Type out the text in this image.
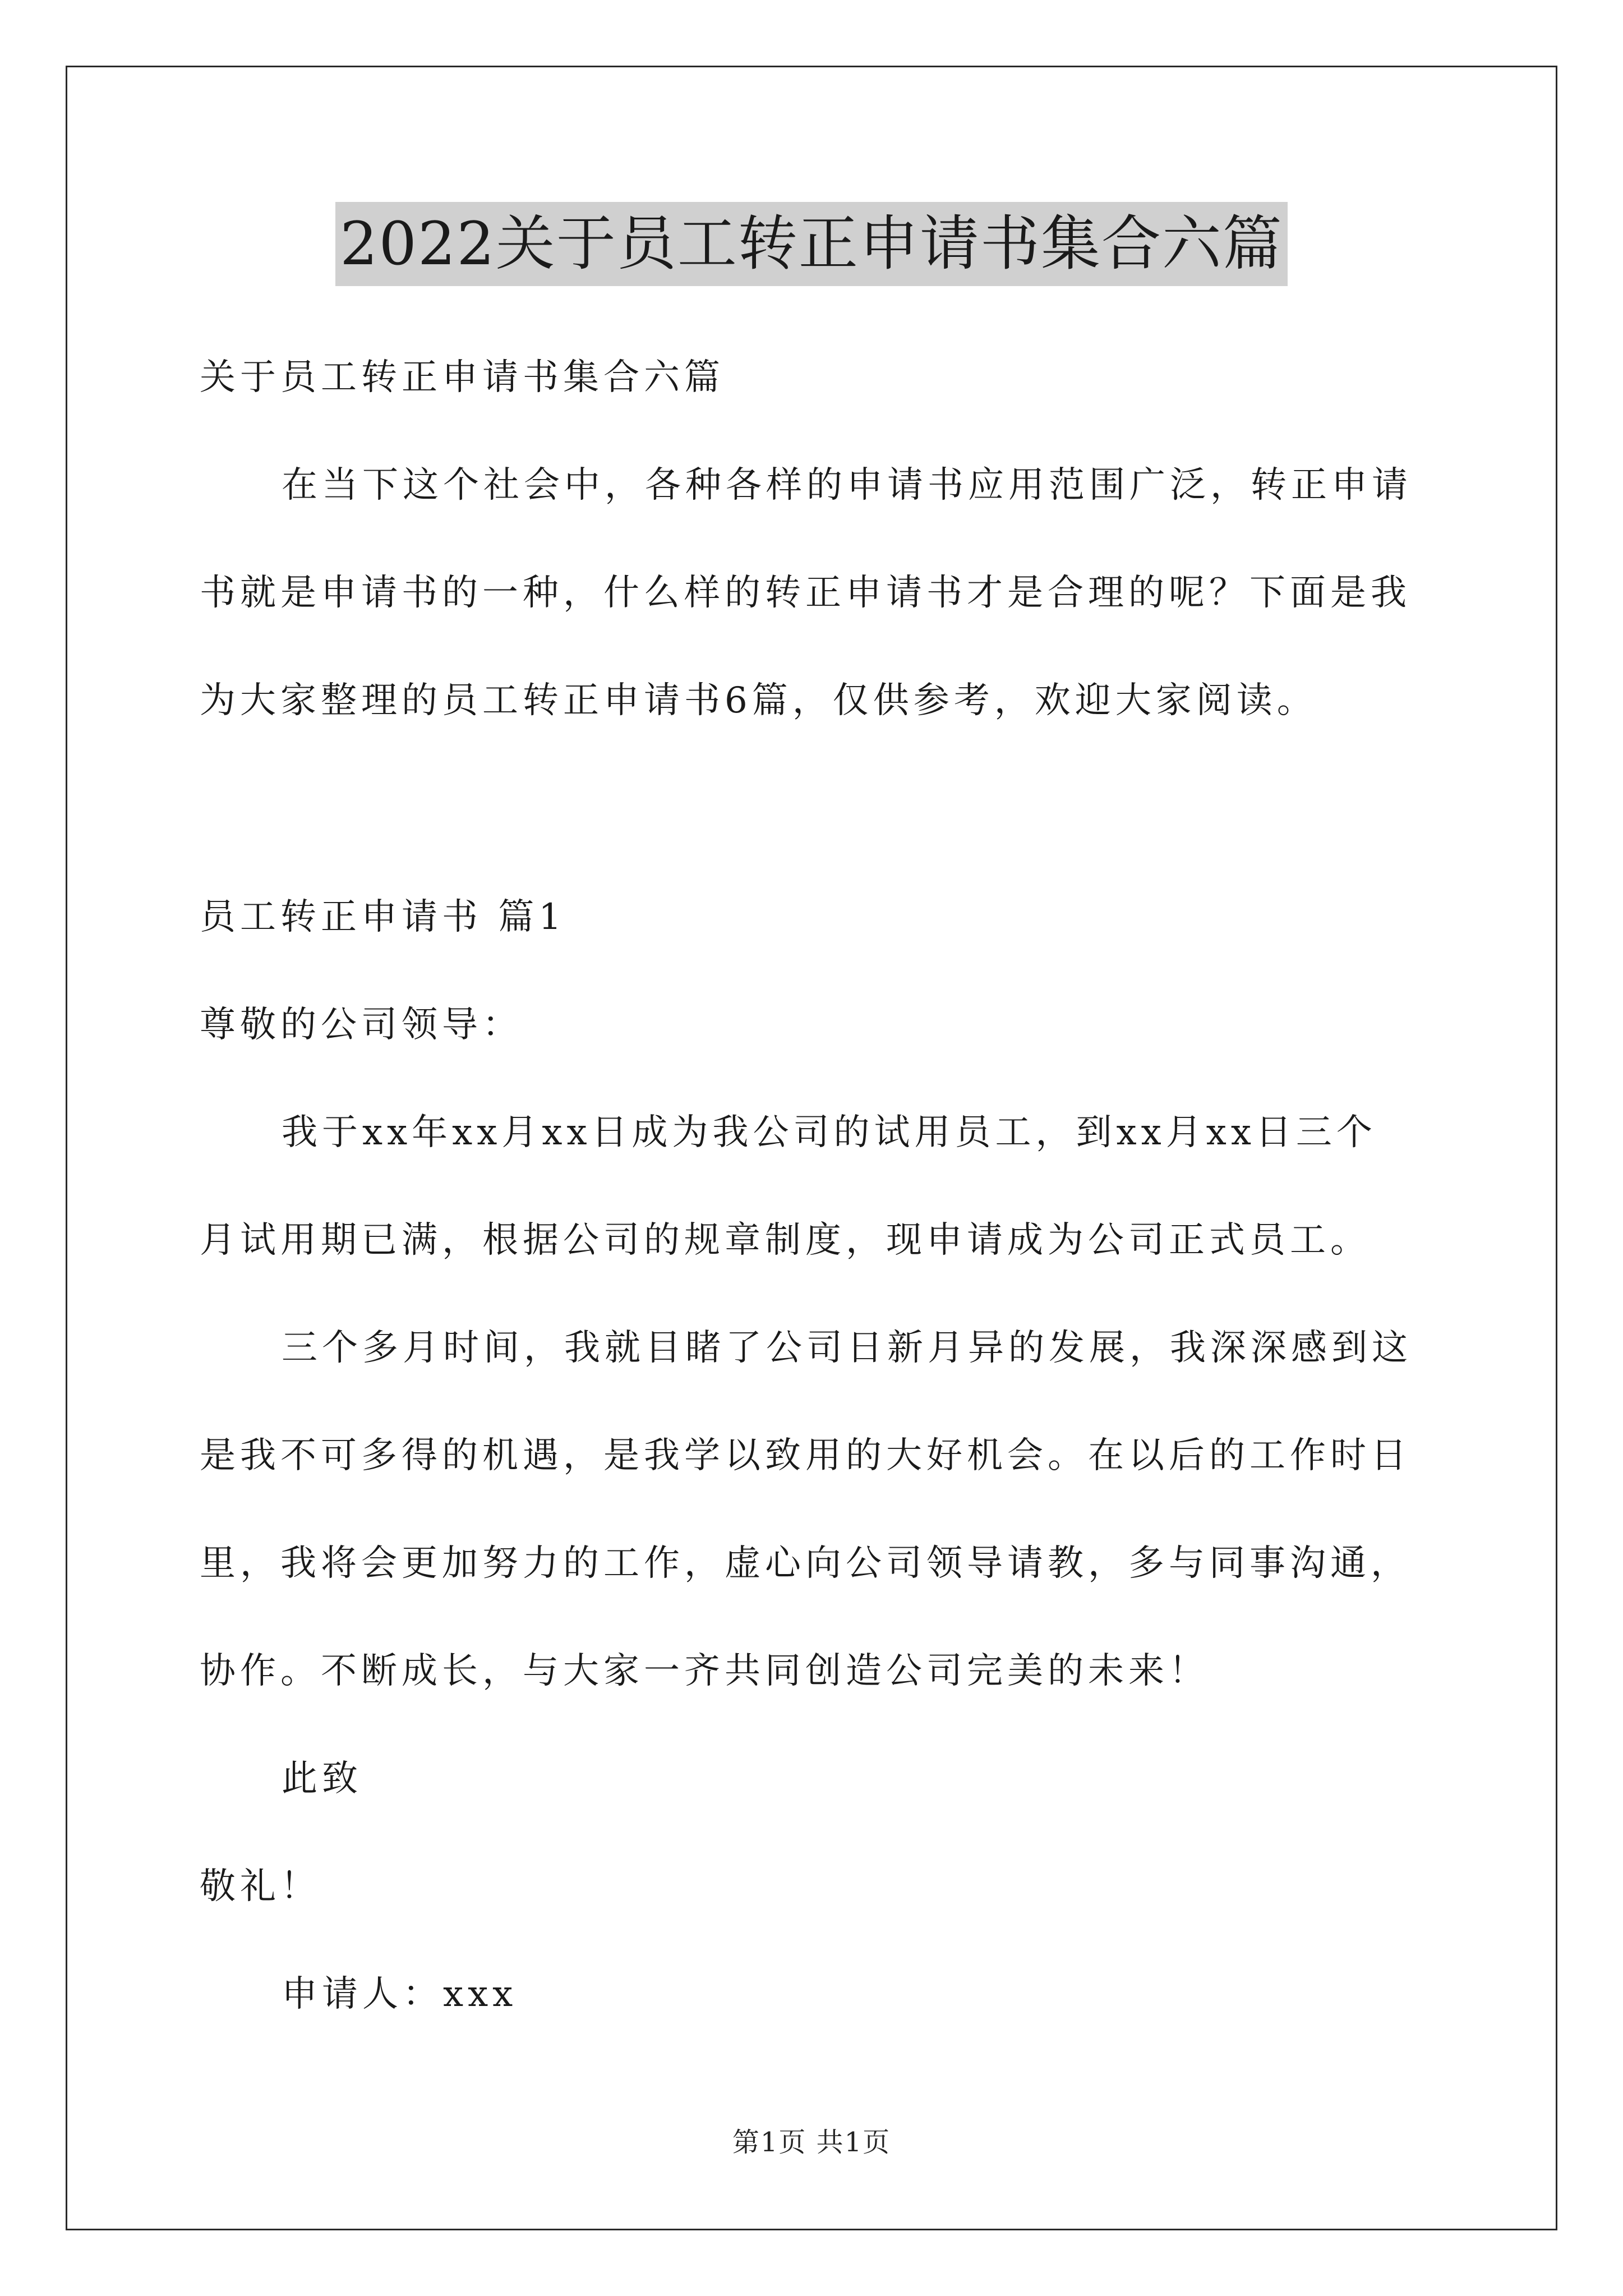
2022关于员工转正申请书集合六篇

关于员工转正申请书集合六篇

在当下这个社会中，各种各样的申请书应用范围广泛，转正申请
书就是申请书的一种，什么样的转正申请书才是合理的呢？下面是我
为大家整理的员工转正申请书6篇，仅供参考，欢迎大家阅读。

员工转正申请书 篇1

尊敬的公司领导：

我于xx年xx月xx日成为我公司的试用员工，到xx月xx日三个
月试用期已满，根据公司的规章制度，现申请成为公司正式员工。
三个多月时间，我就目睹了公司日新月异的发展，我深深感到这
是我不可多得的机遇，是我学以致用的大好机会。在以后的工作时日
里，我将会更加努力的工作，虚心向公司领导请教，多与同事沟通，
协作。不断成长，与大家一齐共同创造公司完美的未来！

此致

敬礼！

申请人：xxx

第1页 共1页
